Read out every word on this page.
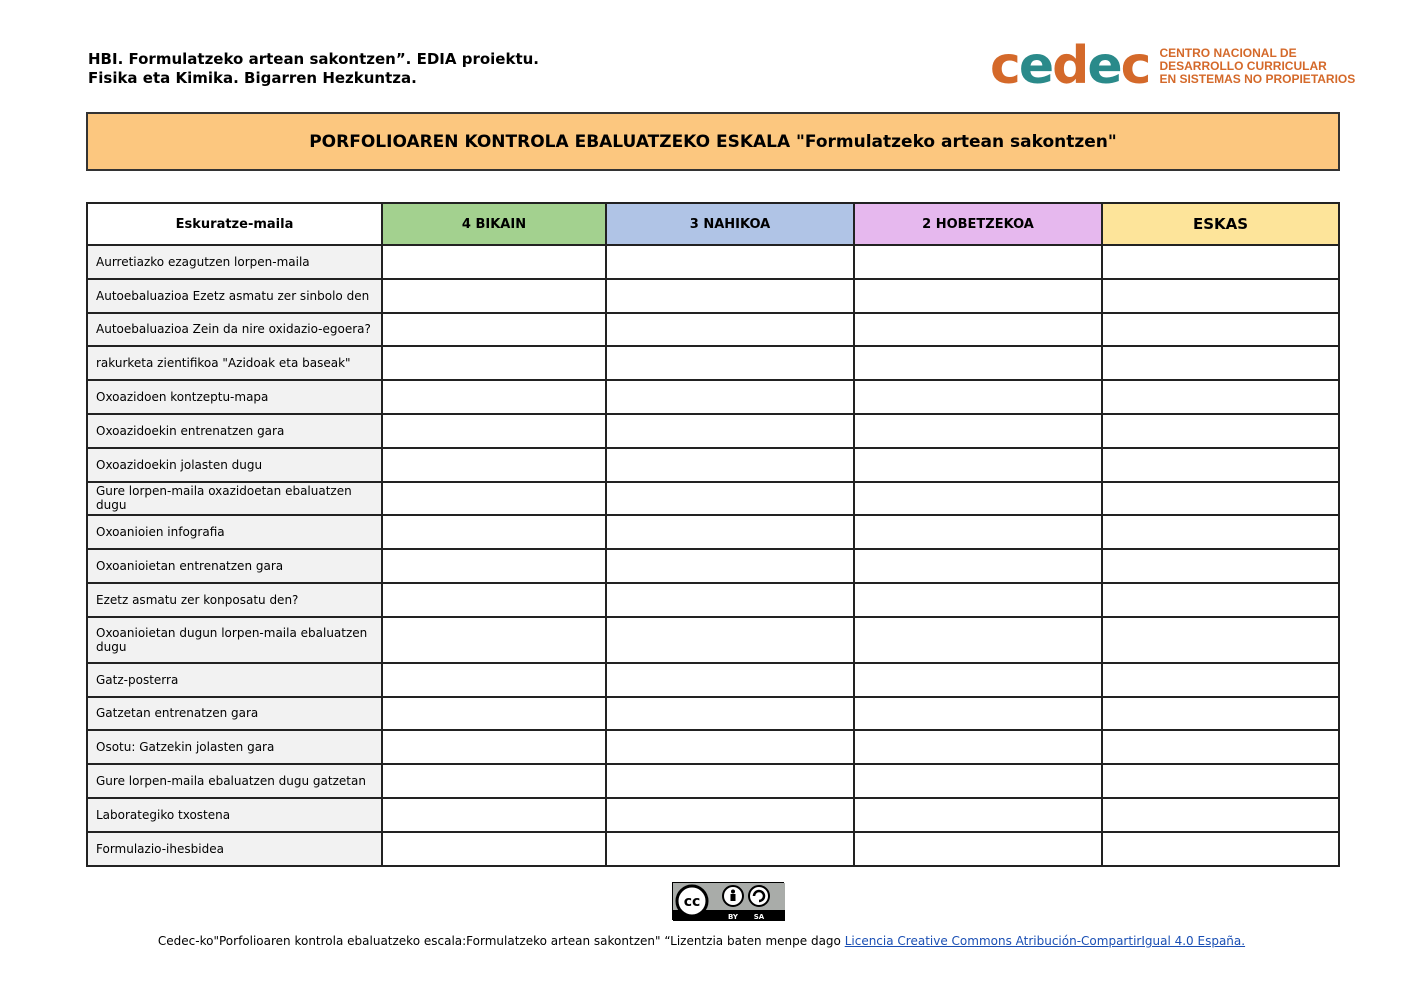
HBI. Formulatzeko artean sakontzen”. EDIA proiektu.
Fisika eta Kimika. Bigarren Hezkuntza.	cedec CENTRO NACIONAL DE
DESARROLLO CURRICULAR
EN SISTEMAS NO PROPIETARIOS
PORFOLIOAREN KONTROLA EBALUATZEKO ESKALA "Formulatzeko artean sakontzen"
Eskuratze-maila	4 BIKAIN	3 NAHIKOA	2 HOBETZEKOA	ESKAS
Aurretiazko ezagutzen lorpen-maila				
Autoebaluazioa Ezetz asmatu zer sinbolo den				
Autoebaluazioa Zein da nire oxidazio-egoera?				
rakurketa zientifikoa "Azidoak eta baseak"				
Oxoazidoen kontzeptu-mapa				
Oxoazidoekin entrenatzen gara				
Oxoazidoekin jolasten dugu				
Gure lorpen-maila oxazidoetan ebaluatzen dugu				
Oxoanioien infografia				
Oxoanioietan entrenatzen gara				
Ezetz asmatu zer konposatu den?				
Oxoanioietan dugun lorpen-maila ebaluatzen dugu				
Gatz-posterra				
Gatzetan entrenatzen gara				
Osotu: Gatzekin jolasten gara				
Gure lorpen-maila ebaluatzen dugu gatzetan				
Laborategiko txostena				
Formulazio-ihesbidea				
cc
BY SA
Cedec-ko"Porfolioaren kontrola ebaluatzeko escala:Formulatzeko artean sakontzen" “Lizentzia baten menpe dago Licencia Creative Commons Atribución-CompartirIgual 4.0 España.
